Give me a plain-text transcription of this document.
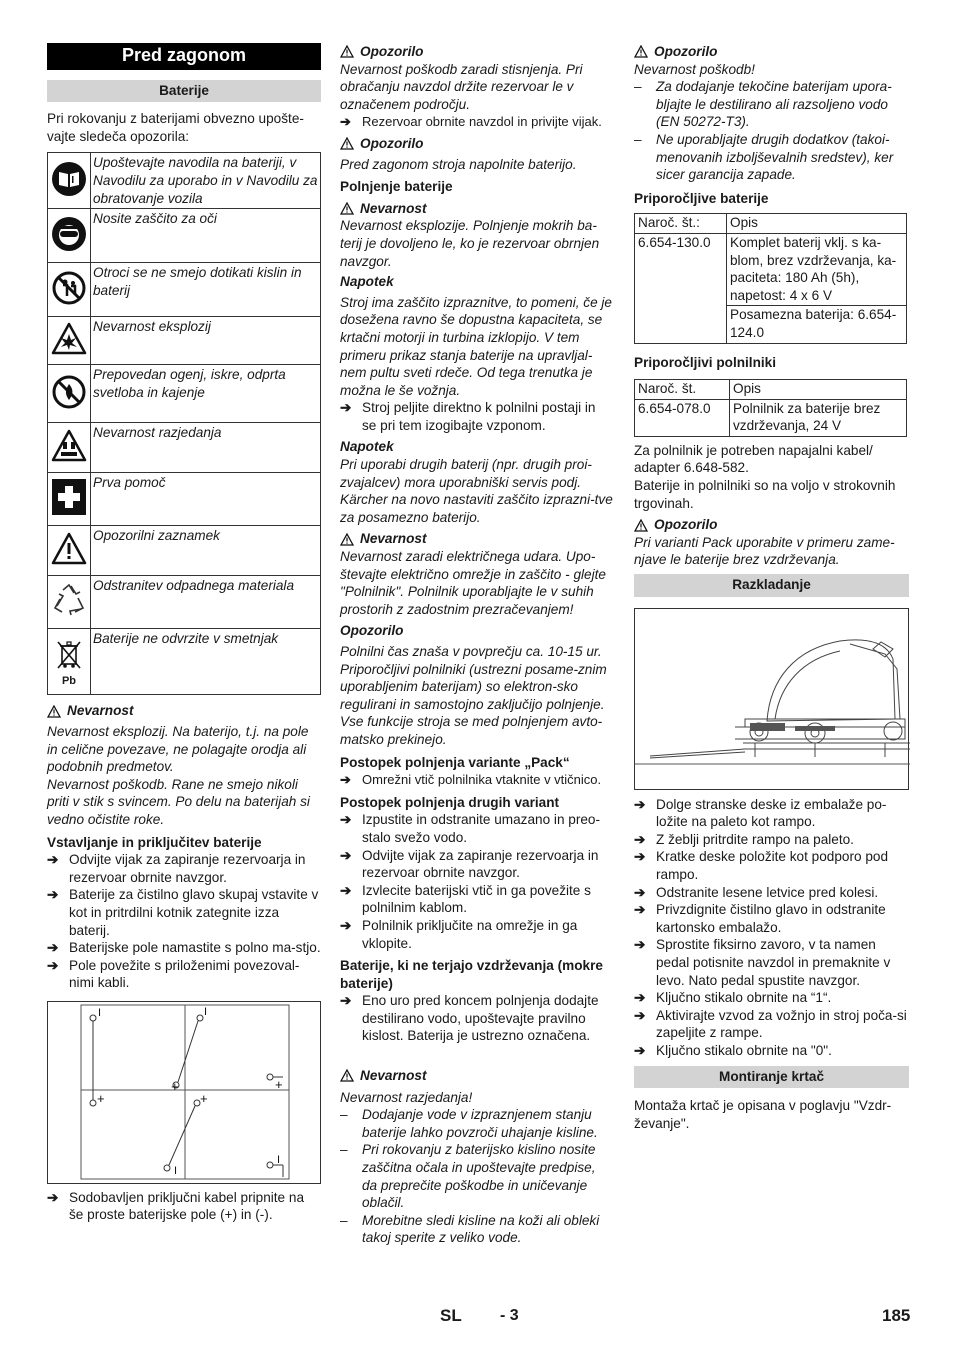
Pred zagonom
Baterije

Pri rokovanju z baterijami obvezno upošte-vajte sledeča opozorila:

	Upoštevajte navodila na bateriji, v Navodilu za uporabo in v Navodilu za obratovanje vozila
	Nosite zaščito za oči
	Otroci se ne smejo dotikati kislin in baterij
	Nevarnost eksplozij
	Prepovedan ogenj, iskre, odprta svetloba in kajenje
	Nevarnost razjedanja
	Prva pomoč
	Opozorilni zaznamek
	Odstranitev odpadnega materiala

Pb	Baterije ne odvrzite v smetnjak
Nevarnost

Nevarnost eksplozij. Na baterijo, t.j. na pole in celične povezave, ne polagajte orodja ali podobnih predmetov.

Nevarnost poškodb. Rane ne smejo nikoli priti v stik s svincem. Po delu na baterijah si vedno očistite roke.

Vstavljanje in priključitev baterije
➔ Odvijte vijak za zapiranje rezervoarja in rezervoar obrnite navzgor.
➔ Baterije za čistilno glavo skupaj vstavite v kot in pritrdilni kotnik zategnite izza baterij.
➔ Baterijske pole namastite s polno ma-stjo.
➔ Pole povežite s priloženimi povezoval-nimi kabli.
I	I
+	+
+	+
I
I
➔ Sodobavljen priključni kabel pripnite na še proste baterijske pole (+) in (-).
Opozorilo

Nevarnost poškodb zaradi stisnjenja. Pri obračanju navzdol držite rezervoar le v označenem področju.

➔ Rezervoar obrnite navzdol in privijte vijak.
Opozorilo

Pred zagonom stroja napolnite baterijo.

Polnjenje baterije
Nevarnost

Nevarnost eksplozije. Polnjenje mokrih ba-terij je dovoljeno le, ko je rezervoar obrnjen navzgor.

Napotek

Stroj ima zaščito izpraznitve, to pomeni, če je doseženа ravno še dopustna kapaciteta, se krtačni motorji in turbina izklopijo. V tem primeru prikaz stanja baterije na upravljal-nem pultu sveti rdeče. Od tega trenutka je možna le še vožnja.

➔ Stroj peljite direktno k polnilni postaji in se pri tem izogibajte vzponom.
Napotek

Pri uporabi drugih baterij (npr. drugih proi-zvajalcev) mora uporabniški servis podj. Kärcher na novo nastaviti zaščito izprazni-tve za posamezno baterijo.

Nevarnost

Nevarnost zaradi električnega udara. Upo-števajte električno omrežje in zaščito - glejte "Polnilnik". Polnilnik uporabljajte le v suhih prostorih z zadostnim prezračevanjem!

Opozorilo

Polnilni čas znaša v povprečju ca. 10-15 ur. Priporočljivi polnilniki (ustrezni posame-znim uporabljenim baterijam) so elektron-sko regulirani in samostojno zaključijo polnjenje.

Vse funkcije stroja se med polnjenjem avto-matsko prekinejo.

Postopek polnjenja variante „Pack“
➔ Omrežni vtič polnilnika vtaknite v vtičnico.
Postopek polnjenja drugih variant
➔ Izpustite in odstranite umazano in preo-stalo svežo vodo.
➔ Odvijte vijak za zapiranje rezervoarja in rezervoar obrnite navzgor.
➔ Izvlecite baterijski vtič in ga povežite s polnilnim kablom.
➔ Polnilnik priključite na omrežje in ga vklopite.
Baterije, ki ne terjajo vzdrževanja (mokre baterije)
➔ Eno uro pred koncem polnjenja dodajte destilirano vodo, upoštevajte pravilno kislost. Baterija je ustrezno označena.
Nevarnost

Nevarnost razjedanja!

–	Dodajanje vode v izpraznjenem stanju baterije lahko povzroči uhajanje kisline.
–	Pri rokovanju z baterijsko kislino nosite zaščitna očala in upoštevajte predpise, da preprečite poškodbe in uničevanje oblačil.
–	Morebitne sledi kisline na koži ali obleki takoj sperite z veliko vode.
Opozorilo

Nevarnost poškodb!

–	Za dodajanje tekočine baterijam upora-bljajte le destilirano ali razsoljeno vodo (EN 50272-T3).
–	Ne uporabljajte drugih dodatkov (takoi-menovanih izboljševalnih sredstev), ker sicer garancija zapade.
Priporočljive baterije
Naroč. št.:	Opis
6.654-130.0	Komplet baterij vklj. s ka-blom, brez vzdrževanja, ka-paciteta: 180 Ah (5h), napetost: 4 x 6 V
	Posamezna baterija: 6.654-124.0
Priporočljivi polnilniki
Naroč. št.	Opis
6.654-078.0	Polnilnik za baterije brez vzdrževanja, 24 V

Za polnilnik je potreben napajalni kabel/ adapter 6.648-582.

Baterije in polnilniki so na voljo v strokovnih trgovinah.

Opozorilo

Pri varianti Pack uporabite v primeru zame-njave le baterije brez vzdrževanja.

Razkladanje
➔ Dolge stranske deske iz embalaže po-ložite na paleto kot rampo.
➔ Z žeblji pritrdite rampo na paleto.
➔ Kratke deske položite kot podporo pod rampo.
➔ Odstranite lesene letvice pred kolesi.
➔ Privzdignite čistilno glavo in odstranite kartonsko embalažo.
➔ Sprostite fiksirno zavoro, v ta namen pedal potisnite navzdol in premaknite v levo. Nato pedal spustite navzgor.
➔ Ključno stikalo obrnite na “1“.
➔ Aktivirajte vzvod za vožnjo in stroj poča-si zapeljite z rampe.
➔ Ključno stikalo obrnite na "0".
Montiranje krtač

Montaža krtač je opisana v poglavju "Vzdr-ževanje".

SL - 3	185
